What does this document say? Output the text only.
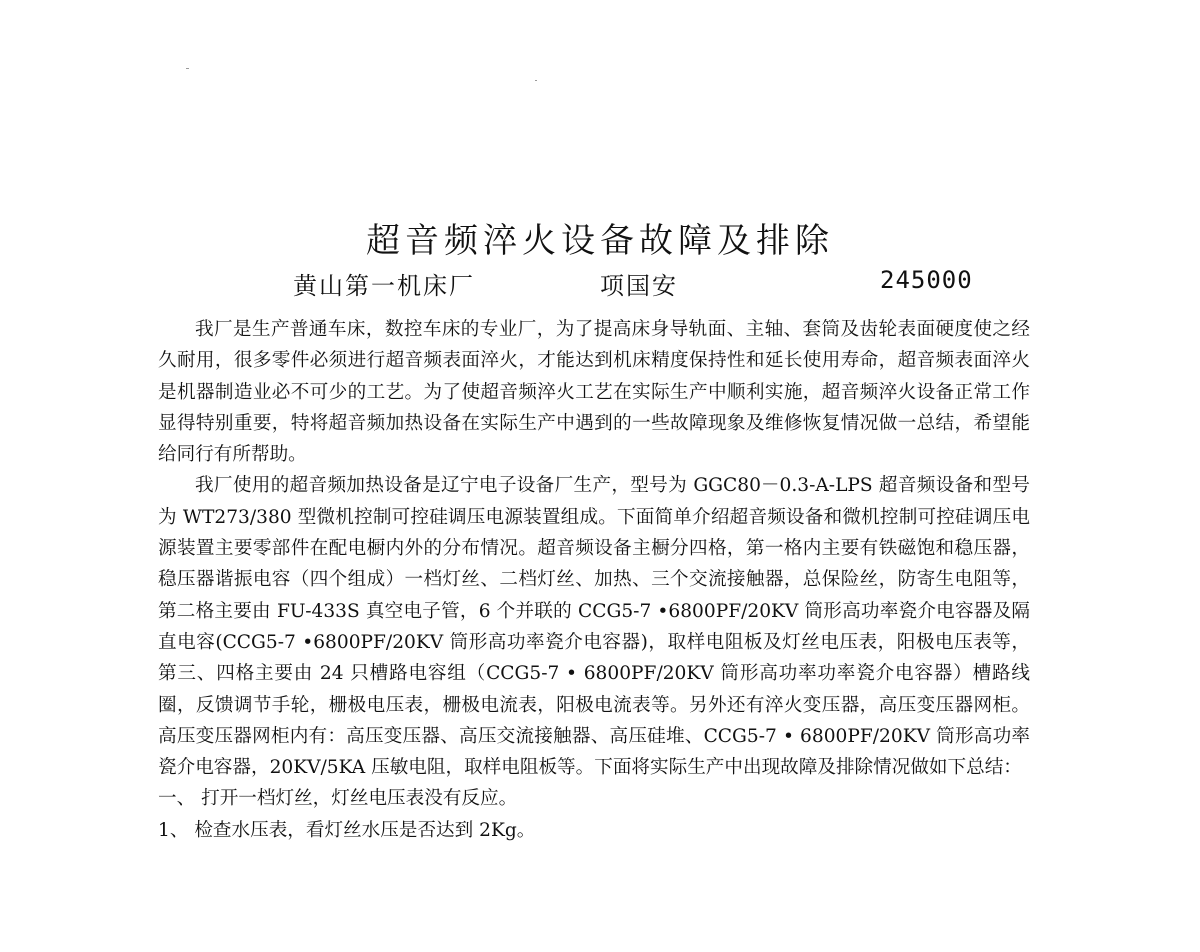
超音频淬火设备故障及排除
黄山第一机床厂	项国安	245000

我厂是生产普通车床，数控车床的专业厂，为了提高床身导轨面、主轴、套筒及齿轮表面硬度使之经久耐用，很多零件必须进行超音频表面淬火，才能达到机床精度保持性和延长使用寿命，超音频表面淬火是机器制造业必不可少的工艺。为了使超音频淬火工艺在实际生产中顺利实施，超音频淬火设备正常工作显得特别重要，特将超音频加热设备在实际生产中遇到的一些故障现象及维修恢复情况做一总结，希望能给同行有所帮助。

我厂使用的超音频加热设备是辽宁电子设备厂生产，型号为 GGC80－0.3-A-LPS 超音频设备和型号为 WT273/380 型微机控制可控硅调压电源装置组成。下面简单介绍超音频设备和微机控制可控硅调压电源装置主要零部件在配电橱内外的分布情况。超音频设备主橱分四格，第一格内主要有铁磁饱和稳压器，稳压器谐振电容（四个组成）一档灯丝、二档灯丝、加热、三个交流接触器，总保险丝，防寄生电阻等，第二格主要由 FU-433S 真空电子管，6 个并联的 CCG5-7 •6800PF/20KV 筒形高功率瓷介电容器及隔直电容(CCG5-7 •6800PF/20KV 筒形高功率瓷介电容器)，取样电阻板及灯丝电压表，阳极电压表等，第三、四格主要由 24 只槽路电容组（CCG5-7 • 6800PF/20KV 筒形高功率功率瓷介电容器）槽路线圈，反馈调节手轮，栅极电压表，栅极电流表，阳极电流表等。另外还有淬火变压器，高压变压器网柜。高压变压器网柜内有：高压变压器、高压交流接触器、高压硅堆、CCG5-7 • 6800PF/20KV 筒形高功率瓷介电容器，20KV/5KA 压敏电阻，取样电阻板等。下面将实际生产中出现故障及排除情况做如下总结：

一、 打开一档灯丝，灯丝电压表没有反应。

1、 检查水压表，看灯丝水压是否达到 2Kg。
